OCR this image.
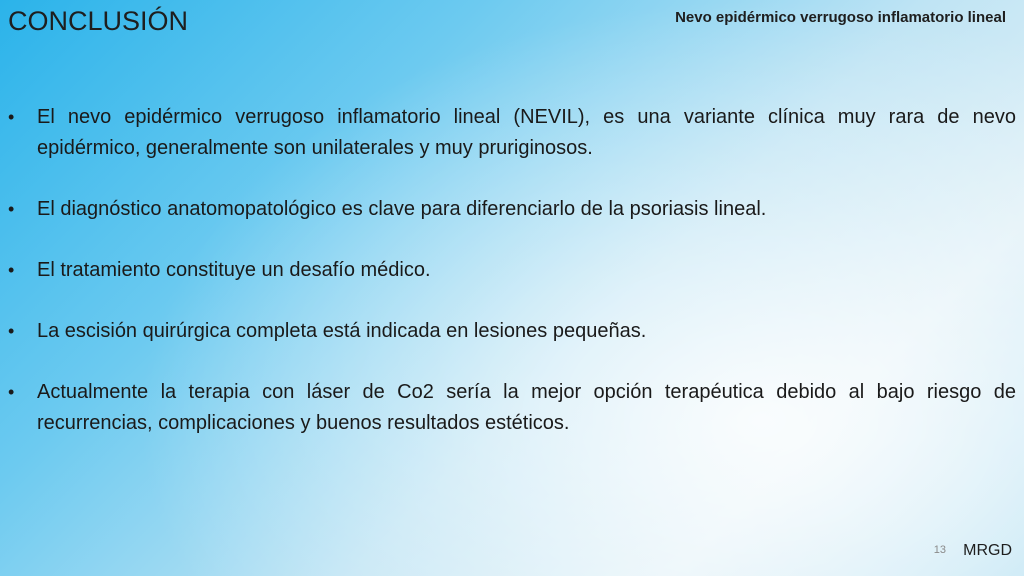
CONCLUSIÓN	Nevo epidérmico verrugoso inflamatorio lineal
•	El nevo epidérmico verrugoso inflamatorio lineal (NEVIL), es una variante clínica muy rara de nevo epidérmico, generalmente son unilaterales y muy pruriginosos.
•	El diagnóstico anatomopatológico es clave para diferenciarlo de la psoriasis lineal.
•	El tratamiento constituye un desafío médico.
•	La escisión quirúrgica completa está indicada en lesiones pequeñas.
•	Actualmente la terapia con láser de Co2 sería la mejor opción terapéutica debido al bajo riesgo de recurrencias, complicaciones y buenos resultados estéticos.
13 MRGD
